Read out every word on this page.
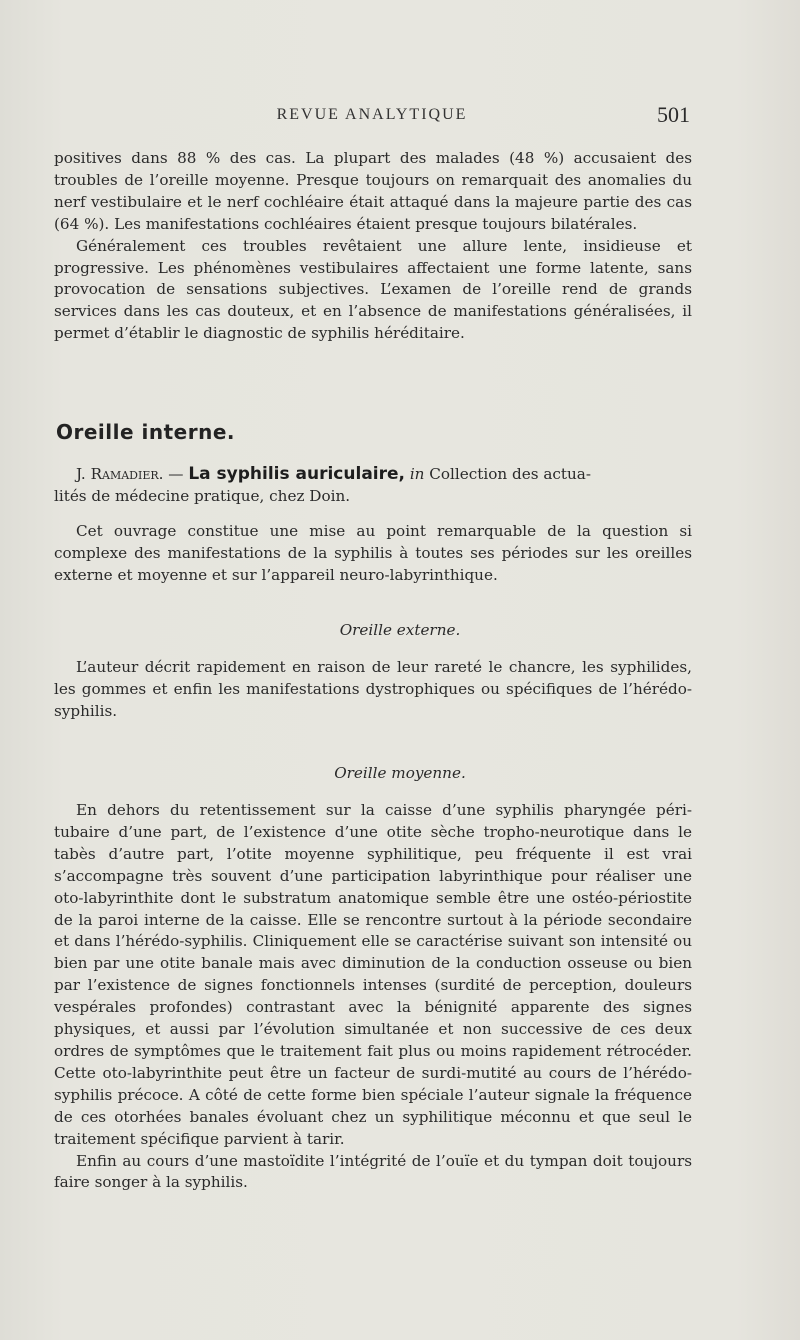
REVUE ANALYTIQUE	501

positives dans 88 % des cas. La plupart des malades (48 %) accusaient des troubles de l’oreille moyenne. Presque toujours on remarquait des anomalies du nerf vestibulaire et le nerf cochléaire était attaqué dans la majeure partie des cas (64 %). Les manifestations cochléaires étaient presque toujours bilatérales.

Généralement ces troubles revêtaient une allure lente, insidieuse et progressive. Les phénomènes vestibulaires affectaient une forme latente, sans provocation de sensations subjectives. L’examen de l’oreille rend de grands services dans les cas douteux, et en l’absence de manifestations généralisées, il permet d’établir le diagnostic de syphilis héréditaire.

Oreille interne.
J. Ramadier. — La syphilis auriculaire, in Collection des actua-
lités de médecine pratique, chez Doin.

Cet ouvrage constitue une mise au point remarquable de la question si complexe des manifestations de la syphilis à toutes ses périodes sur les oreilles externe et moyenne et sur l’appareil neuro-labyrinthique.

Oreille externe.

L’auteur décrit rapidement en raison de leur rareté le chancre, les syphilides, les gommes et enfin les manifestations dystrophiques ou spécifiques de l’hérédo-syphilis.

Oreille moyenne.

En dehors du retentissement sur la caisse d’une syphilis pharyngée péri-tubaire d’une part, de l’existence d’une otite sèche tropho-neurotique dans le tabès d’autre part, l’otite moyenne syphilitique, peu fréquente il est vrai s’accompagne très souvent d’une participation labyrinthique pour réaliser une oto-labyrinthite dont le substratum anatomique semble être une ostéo-périostite de la paroi interne de la caisse. Elle se rencontre surtout à la période secondaire et dans l’hérédo-syphilis. Cliniquement elle se caractérise suivant son intensité ou bien par une otite banale mais avec diminution de la conduction osseuse ou bien par l’existence de signes fonctionnels intenses (surdité de perception, douleurs vespérales profondes) contrastant avec la bénignité apparente des signes physiques, et aussi par l’évolution simultanée et non successive de ces deux ordres de symptômes que le traitement fait plus ou moins rapidement rétrocéder. Cette oto-labyrinthite peut être un facteur de surdi-mutité au cours de l’hérédo-syphilis précoce. A côté de cette forme bien spéciale l’auteur signale la fréquence de ces otorhées banales évoluant chez un syphilitique méconnu et que seul le traitement spécifique parvient à tarir.

Enfin au cours d’une mastoïdite l’intégrité de l’ouïe et du tympan doit toujours faire songer à la syphilis.
